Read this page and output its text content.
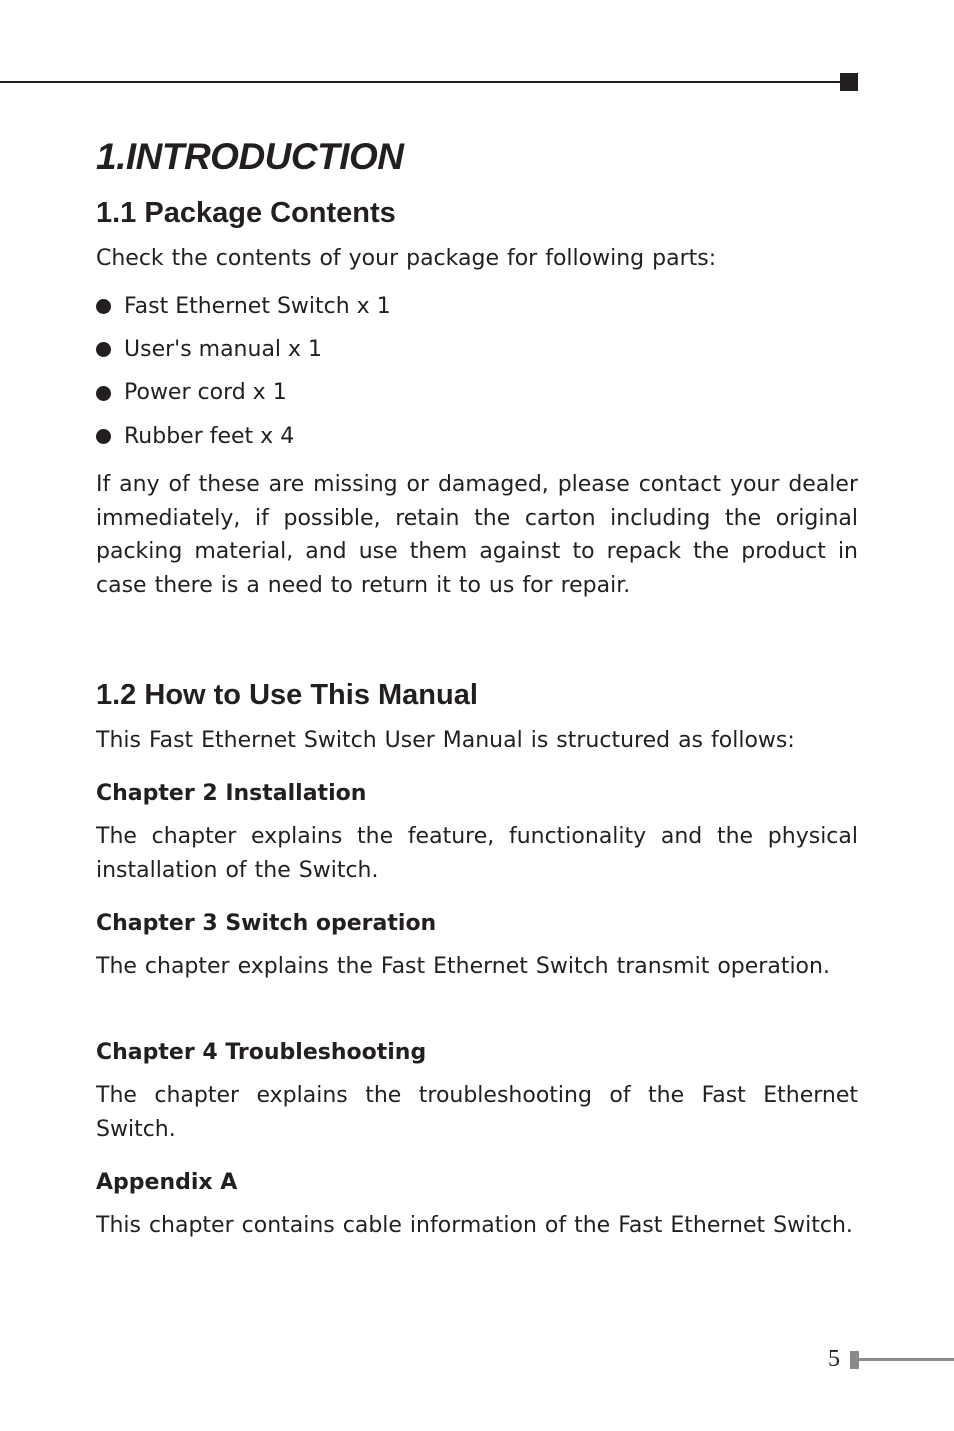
1.INTRODUCTION
1.1 Package Contents

Check the contents of your package for following parts:

Fast Ethernet Switch x 1
User's manual x 1
Power cord x 1
Rubber feet x 4

If any of these are missing or damaged, please contact your dealer immediately, if possible, retain the carton including the original packing material, and use them against to repack the product in case there is a need to return it to us for repair.

1.2 How to Use This Manual

This Fast Ethernet Switch User Manual is structured as follows:

Chapter 2 Installation

The chapter explains the feature, functionality and the physical installation of the Switch.

Chapter 3 Switch operation

The chapter explains the Fast Ethernet Switch transmit operation.

Chapter 4 Troubleshooting

The chapter explains the troubleshooting of the Fast Ethernet Switch.

Appendix A

This chapter contains cable information of the Fast Ethernet Switch.

5
